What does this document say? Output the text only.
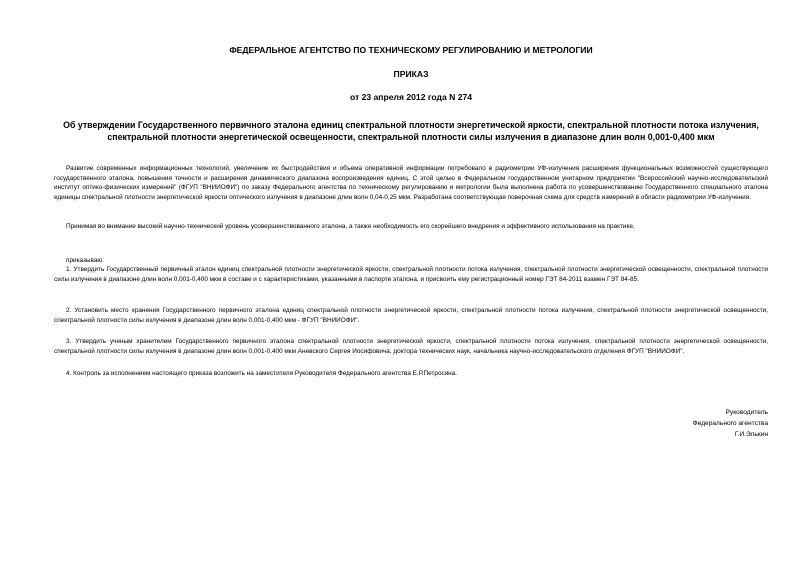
ФЕДЕРАЛЬНОЕ АГЕНТСТВО ПО ТЕХНИЧЕСКОМУ РЕГУЛИРОВАНИЮ И МЕТРОЛОГИИ
ПРИКАЗ
от 23 апреля 2012 года N 274
Об утверждении Государственного первичного эталона единиц спектральной плотности энергетической яркости, спектральной плотности потока излучения, спектральной плотности энергетической освещенности, спектральной плотности силы излучения в диапазоне длин волн 0,001-0,400 мкм

Развитие современных информационных технологий, увеличение их быстродействия и объема оперативной информации потребовало в радиометрии УФ-излучения расширения функциональных возможностей существующего государственного эталона, повышения точности и расширения динамического диапазона воспроизведения единиц. С этой целью в Федеральном государственном унитарном предприятии "Всероссийский научно-исследовательский институт оптико-физических измерений" (ФГУП "ВНИИОФИ") по заказу Федерального агентства по техническому регулированию и метрологии была выполнена работа по усовершенствованию Государственного специального эталона единицы спектральной плотности энергетической яркости оптического излучения в диапазоне длин волн 0,04-0,25 мкм. Разработана соответствующая поверочная схема для средств измерений в области радиометрии УФ-излучения.

Принимая во внимание высокий научно-технический уровень усовершенствованного эталона, а также необходимость его скорейшего внедрения и эффективного использования на практике,

приказываю:

1. Утвердить Государственный первичный эталон единиц спектральной плотности энергетической яркости, спектральной плотности потока излучения, спектральной плотности энергетической освещенности, спектральной плотности силы излучения в диапазоне длин волн 0,001-0,400 мкм в составе и с характеристиками, указанными в паспорте эталона, и присвоить ему регистрационный номер ГЭТ 84-2011 взамен ГЭТ 84-85.

2. Установить место хранения Государственного первичного эталона единиц спектральной плотности энергетической яркости, спектральной плотности потока излучения, спектральной плотности энергетической освещенности, спектральной плотности силы излучения в диапазоне длин волн 0,001-0,400 мкм - ФГУП "ВНИИОФИ".

3. Утвердить ученым хранителем Государственного первичного эталона спектральной плотности энергетической яркости, спектральной плотности потока излучения, спектральной плотности энергетической освещенности, спектральной плотности силы излучения в диапазоне длин волн 0,001-0,400 мкм Аневского Сергея Иосифовича, доктора технических наук, начальника научно-исследовательского отделения ФГУП "ВНИИОФИ".

4. Контроль за исполнением настоящего приказа возложить на заместителя Руководителя Федерального агентства Е.Р.Петросяна.

Руководитель
Федерального агентства
Г.И.Элькин
